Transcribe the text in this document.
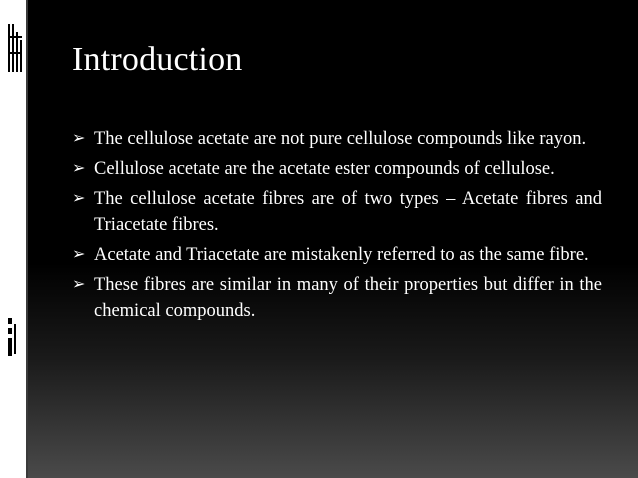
Introduction
➢ The cellulose acetate are not pure cellulose compounds like rayon.
➢ Cellulose acetate are the acetate ester compounds of cellulose.
➢ The cellulose acetate fibres are of two types – Acetate fibres and Triacetate fibres.
➢ Acetate and Triacetate are mistakenly referred to as the same fibre.
➢ These fibres are similar in many of their properties but differ in the chemical compounds.
